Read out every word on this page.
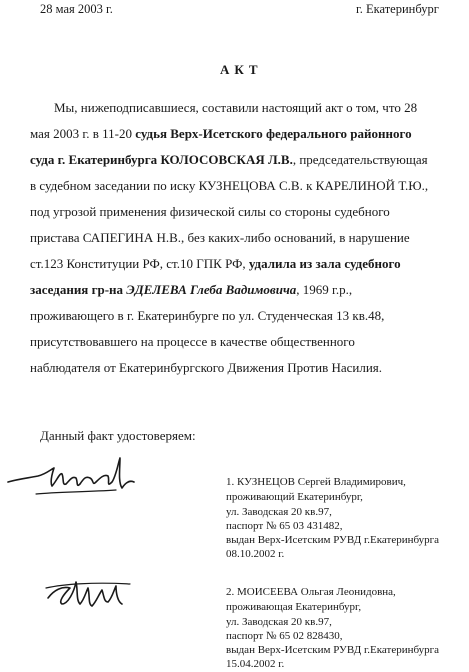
28 мая 2003 г.	г. Екатеринбург
АКТ
Мы, нижеподписавшиеся, составили настоящий акт о том, что 28
мая 2003 г. в 11-20 судья Верх-Исетского федерального районного
суда г. Екатеринбурга КОЛОСОВСКАЯ Л.В., председательствующая
в судебном заседании по иску КУЗНЕЦОВА С.В. к КАРЕЛИНОЙ Т.Ю.,
под угрозой применения физической силы со стороны судебного
пристава САПЕГИНА Н.В., без каких-либо оснований, в нарушение
ст.123 Конституции РФ, ст.10 ГПК РФ, удалила из зала судебного
заседания гр-на ЭДЕЛЕВА Глеба Вадимовича, 1969 г.р.,
проживающего в г. Екатеринбурге по ул. Студенческая 13 кв.48,
присутствовавшего на процессе в качестве общественного
наблюдателя от Екатеринбургского Движения Против Насилия.
Данный факт удостоверяем:
1. КУЗНЕЦОВ Сергей Владимирович,
проживающий Екатеринбург,
ул. Заводская 20 кв.97,
паспорт № 65 03 431482,
выдан Верх-Исетским РУВД г.Екатеринбурга
08.10.2002 г.
2. МОИСЕЕВА Ольгая Леонидовна,
проживающая Екатеринбург,
ул. Заводская 20 кв.97,
паспорт № 65 02 828430,
выдан Верх-Исетским РУВД г.Екатеринбурга
15.04.2002 г.
